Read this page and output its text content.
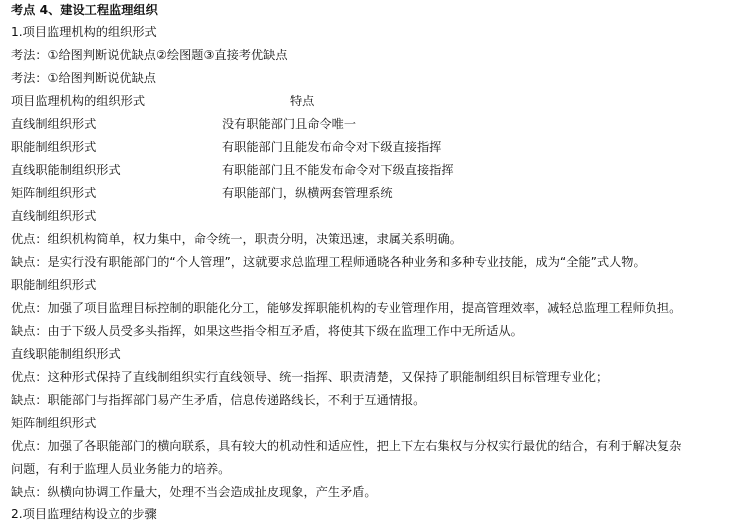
考点 4、建设工程监理组织
1.项目监理机构的组织形式
考法：①给图判断说优缺点②绘图题③直接考优缺点
考法：①给图判断说优缺点
项目监理机构的组织形式	特点
直线制组织形式	没有职能部门且命令唯一
职能制组织形式	有职能部门且能发布命令对下级直接指挥
直线职能制组织形式	有职能部门且不能发布命令对下级直接指挥
矩阵制组织形式	有职能部门，纵横两套管理系统
直线制组织形式
优点：组织机构简单，权力集中，命令统一，职责分明，决策迅速，隶属关系明确。
缺点：是实行没有职能部门的“个人管理”，这就要求总监理工程师通晓各种业务和多种专业技能，成为“全能”式人物。
职能制组织形式
优点：加强了项目监理目标控制的职能化分工，能够发挥职能机构的专业管理作用，提高管理效率，减轻总监理工程师负担。
缺点：由于下级人员受多头指挥，如果这些指令相互矛盾，将使其下级在监理工作中无所适从。
直线职能制组织形式
优点：这种形式保持了直线制组织实行直线领导、统一指挥、职责清楚，又保持了职能制组织目标管理专业化；
缺点：职能部门与指挥部门易产生矛盾，信息传递路线长，不利于互通情报。
矩阵制组织形式
优点：加强了各职能部门的横向联系，具有较大的机动性和适应性，把上下左右集权与分权实行最优的结合，有利于解决复杂
问题，有利于监理人员业务能力的培养。
缺点：纵横向协调工作量大，处理不当会造成扯皮现象，产生矛盾。
2.项目监理结构设立的步骤
